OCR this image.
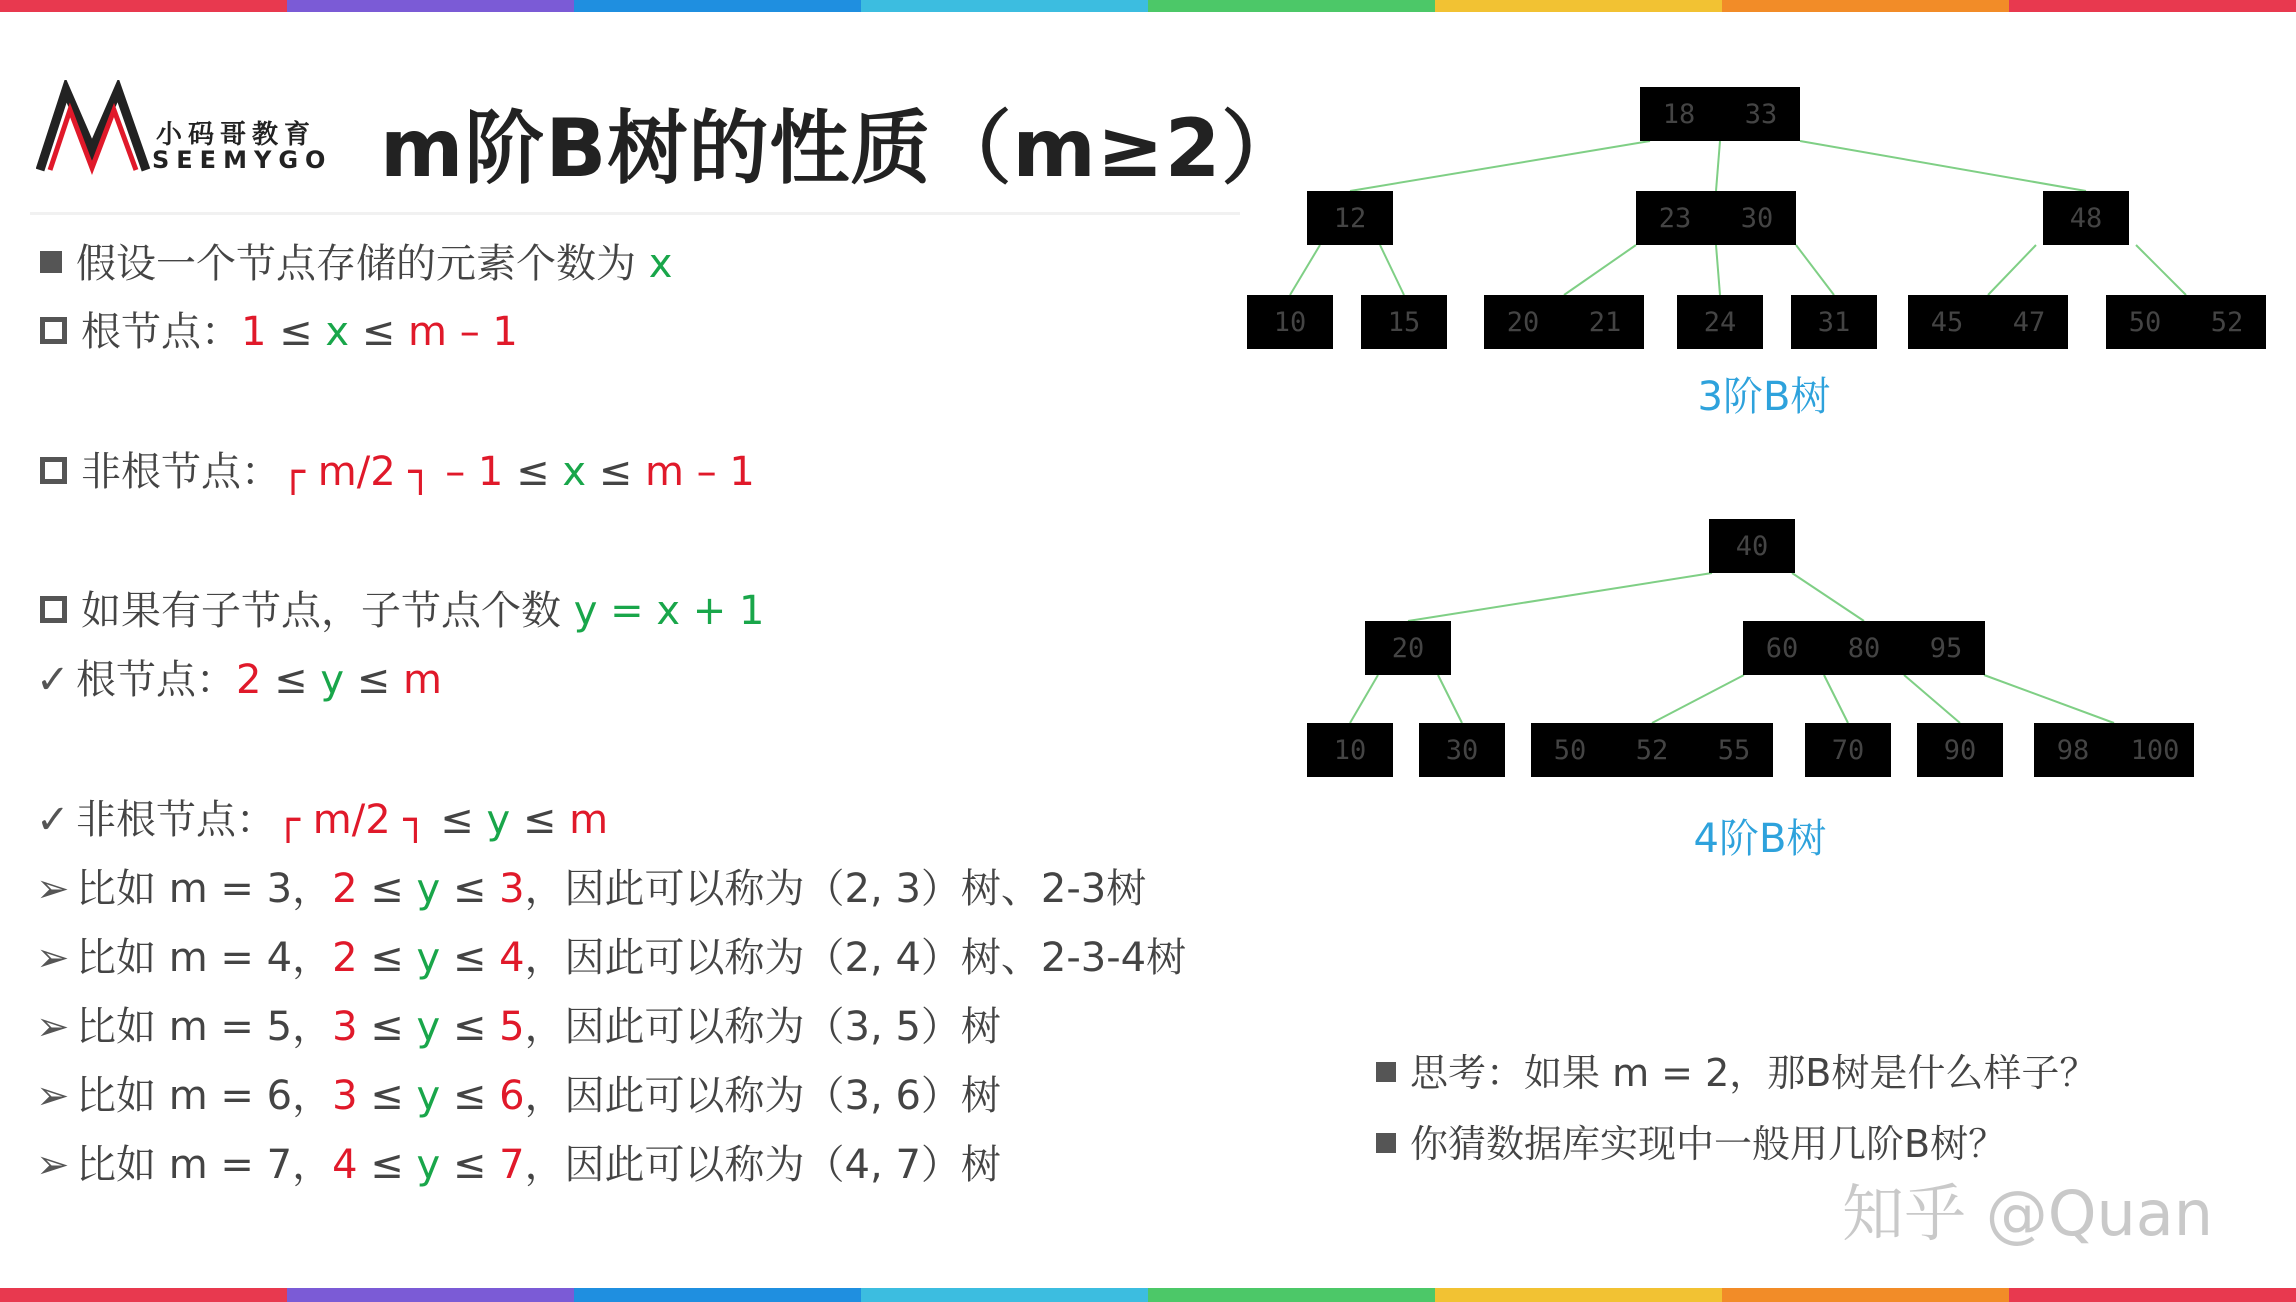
小码哥教育
SEEMYGO m阶B树的性质（m≥2）
假设一个节点存储的元素个数为 x
根节点：1 ≤ x ≤ m – 1
非根节点：┌ m/2 ┐ – 1 ≤ x ≤ m – 1
如果有子节点，子节点个数 y = x + 1
✓ 根节点：2 ≤ y ≤ m
✓ 非根节点：┌ m/2 ┐ ≤ y ≤ m
➢ 比如 m = 3，2 ≤ y ≤ 3，因此可以称为（2, 3）树、2-3树
➢ 比如 m = 4，2 ≤ y ≤ 4，因此可以称为（2, 4）树、2-3-4树
➢ 比如 m = 5，3 ≤ y ≤ 5，因此可以称为（3, 5）树
➢ 比如 m = 6，3 ≤ y ≤ 6，因此可以称为（3, 6）树
➢ 比如 m = 7，4 ≤ y ≤ 7，因此可以称为（4, 7）树
18 33
12	23 30	48
10	15	20 21	24	31	45 47	50 52
3阶B树
40
20	60 80 95
10	30	50 52 55	70	90	98 100
4阶B树
思考：如果 m = 2，那B树是什么样子？
你猜数据库实现中一般用几阶B树？
知乎 @Quan
